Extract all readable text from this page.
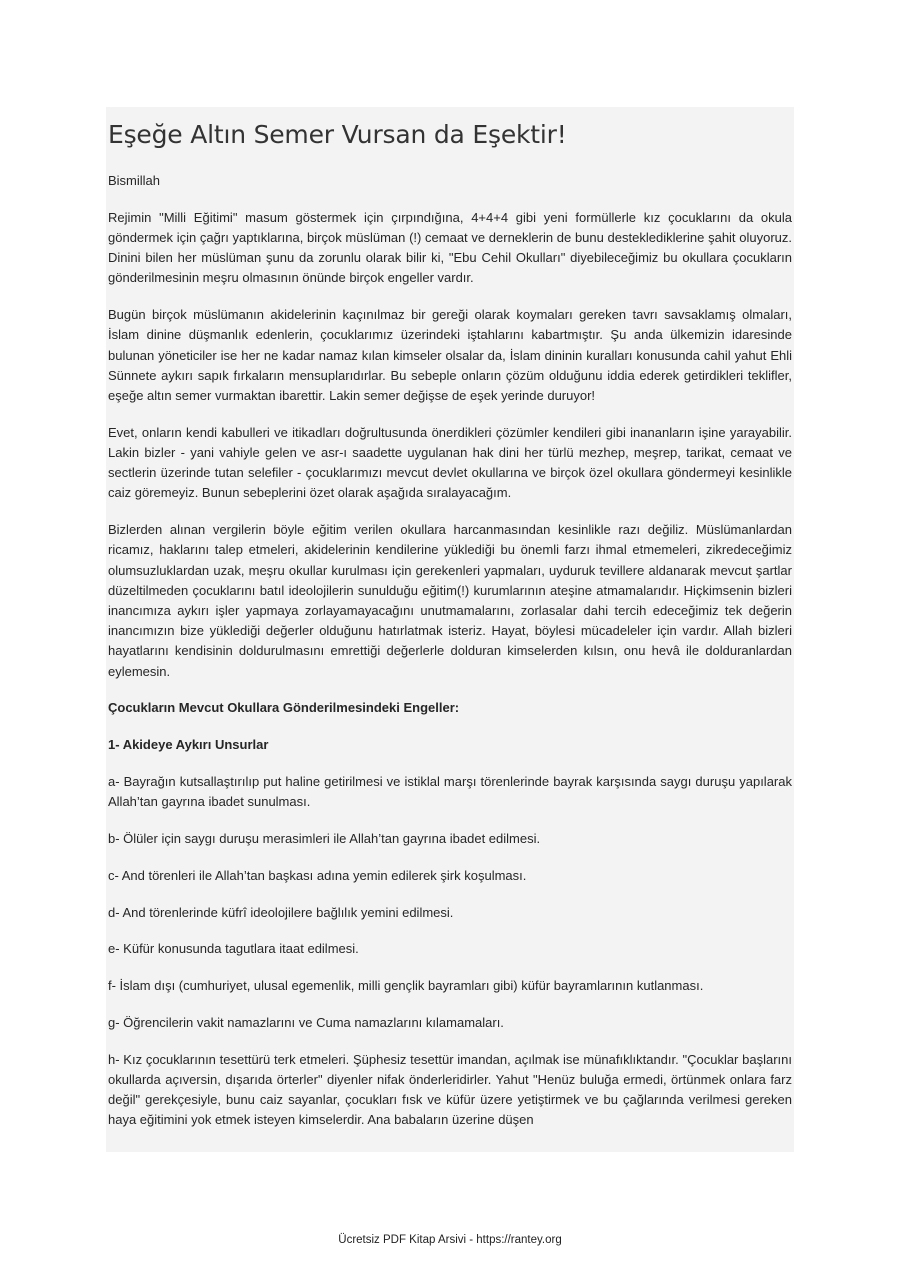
Eşeğe Altın Semer Vursan da Eşektir!

Bismillah

Rejimin "Milli Eğitimi" masum göstermek için çırpındığına, 4+4+4 gibi yeni formüllerle kız çocuklarını da okula göndermek için çağrı yaptıklarına, birçok müslüman (!) cemaat ve derneklerin de bunu desteklediklerine şahit oluyoruz. Dinini bilen her müslüman şunu da zorunlu olarak bilir ki, "Ebu Cehil Okulları" diyebileceğimiz bu okullara çocukların gönderilmesinin meşru olmasının önünde birçok engeller vardır.

Bugün birçok müslümanın akidelerinin kaçınılmaz bir gereği olarak koymaları gereken tavrı savsaklamış olmaları, İslam dinine düşmanlık edenlerin, çocuklarımız üzerindeki iştahlarını kabartmıştır. Şu anda ülkemizin idaresinde bulunan yöneticiler ise her ne kadar namaz kılan kimseler olsalar da, İslam dininin kuralları konusunda cahil yahut Ehli Sünnete aykırı sapık fırkaların mensuplarıdırlar. Bu sebeple onların çözüm olduğunu iddia ederek getirdikleri teklifler, eşeğe altın semer vurmaktan ibarettir. Lakin semer değişse de eşek yerinde duruyor!

Evet, onların kendi kabulleri ve itikadları doğrultusunda önerdikleri çözümler kendileri gibi inananların işine yarayabilir. Lakin bizler - yani vahiyle gelen ve asr-ı saadette uygulanan hak dini her türlü mezhep, meşrep, tarikat, cemaat ve sectlerin üzerinde tutan selefiler - çocuklarımızı mevcut devlet okullarına ve birçok özel okullara göndermeyi kesinlikle caiz göremeyiz. Bunun sebeplerini özet olarak aşağıda sıralayacağım.

Bizlerden alınan vergilerin böyle eğitim verilen okullara harcanmasından kesinlikle razı değiliz. Müslümanlardan ricamız, haklarını talep etmeleri, akidelerinin kendilerine yüklediği bu önemli farzı ihmal etmemeleri, zikredeceğimiz olumsuzluklardan uzak, meşru okullar kurulması için gerekenleri yapmaları, uyduruk tevillere aldanarak mevcut şartlar düzeltilmeden çocuklarını batıl ideolojilerin sunulduğu eğitim(!) kurumlarının ateşine atmamalarıdır. Hiçkimsenin bizleri inancımıza aykırı işler yapmaya zorlayamayacağını unutmamalarını, zorlasalar dahi tercih edeceğimiz tek değerin inancımızın bize yüklediği değerler olduğunu hatırlatmak isteriz. Hayat, böylesi mücadeleler için vardır. Allah bizleri hayatlarını kendisinin doldurulmasını emrettiği değerlerle dolduran kimselerden kılsın, onu hevâ ile dolduranlardan eylemesin.

Çocukların Mevcut Okullara Gönderilmesindeki Engeller:

1- Akideye Aykırı Unsurlar

a- Bayrağın kutsallaştırılıp put haline getirilmesi ve istiklal marşı törenlerinde bayrak karşısında saygı duruşu yapılarak Allah’tan gayrına ibadet sunulması.

b- Ölüler için saygı duruşu merasimleri ile Allah’tan gayrına ibadet edilmesi.

c- And törenleri ile Allah’tan başkası adına yemin edilerek şirk koşulması.

d- And törenlerinde küfrî ideolojilere bağlılık yemini edilmesi.

e- Küfür konusunda tagutlara itaat edilmesi.

f- İslam dışı (cumhuriyet, ulusal egemenlik, milli gençlik bayramları gibi) küfür bayramlarının kutlanması.

g- Öğrencilerin vakit namazlarını ve Cuma namazlarını kılamamaları.

h- Kız çocuklarının tesettürü terk etmeleri. Şüphesiz tesettür imandan, açılmak ise münafıklıktandır. "Çocuklar başlarını okullarda açıversin, dışarıda örterler" diyenler nifak önderleridirler. Yahut "Henüz buluğa ermedi, örtünmek onlara farz değil" gerekçesiyle, bunu caiz sayanlar, çocukları fısk ve küfür üzere yetiştirmek ve bu çağlarında verilmesi gereken haya eğitimini yok etmek isteyen kimselerdir. Ana babaların üzerine düşen

Ücretsiz PDF Kitap Arsivi - https://rantey.org
